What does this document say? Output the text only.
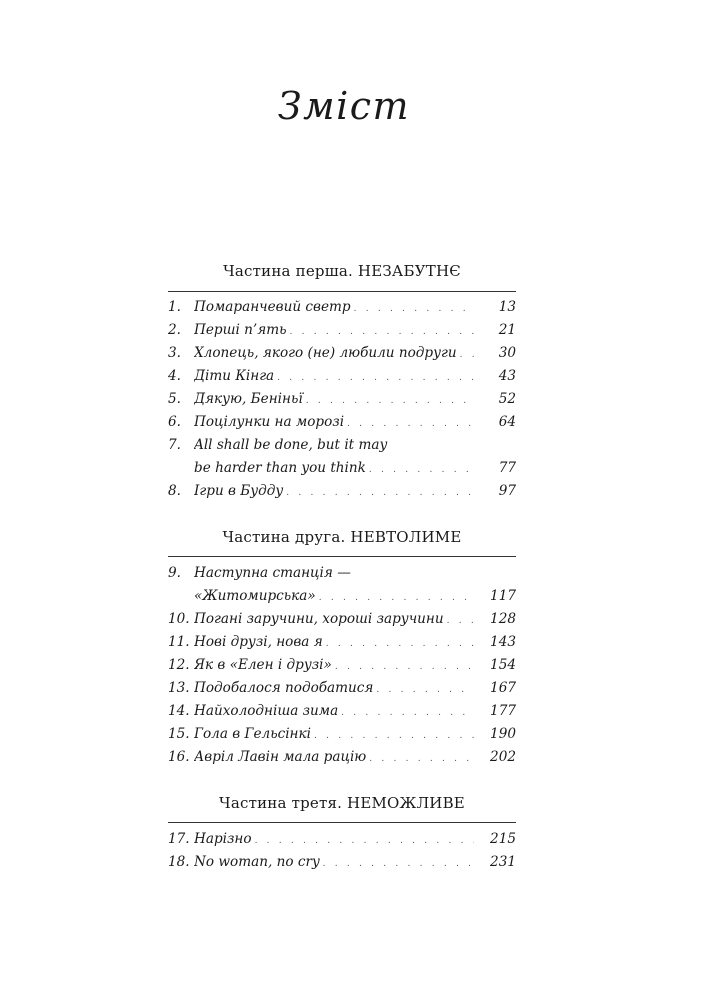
Зміст
Частина перша. НЕЗАБУТНЄ
1. Помаранчевий светр . . .	13
2. Перші п’ять . . .	21
3. Хлопець, якого (не) любили подруги . . .	30
4. Діти Кінга . . .	43
5. Дякую, Беніньї . . .	52
6. Поцілунки на морозі . . .	64
7. All shall be done, but it may
be harder than you think . . .	77
8. Ігри в Будду . . .	97
Частина друга. НЕВТОЛИМЕ
9. Наступна станція —
«Житомирська» . . .	117
10. Погані заручини, хороші заручини . . .	128
11. Нові друзі, нова я . . .	143
12. Як в «Елен і друзі» . . .	154
13. Подобалося подобатися . . .	167
14. Найхолодніша зима . . .	177
15. Гола в Гельсінкі . . .	190
16. Авріл Лавін мала рацію . . .	202
Частина третя. НЕМОЖЛИВЕ
17. Нарізно . . .	215
18. No woman, no cry . . .	231
